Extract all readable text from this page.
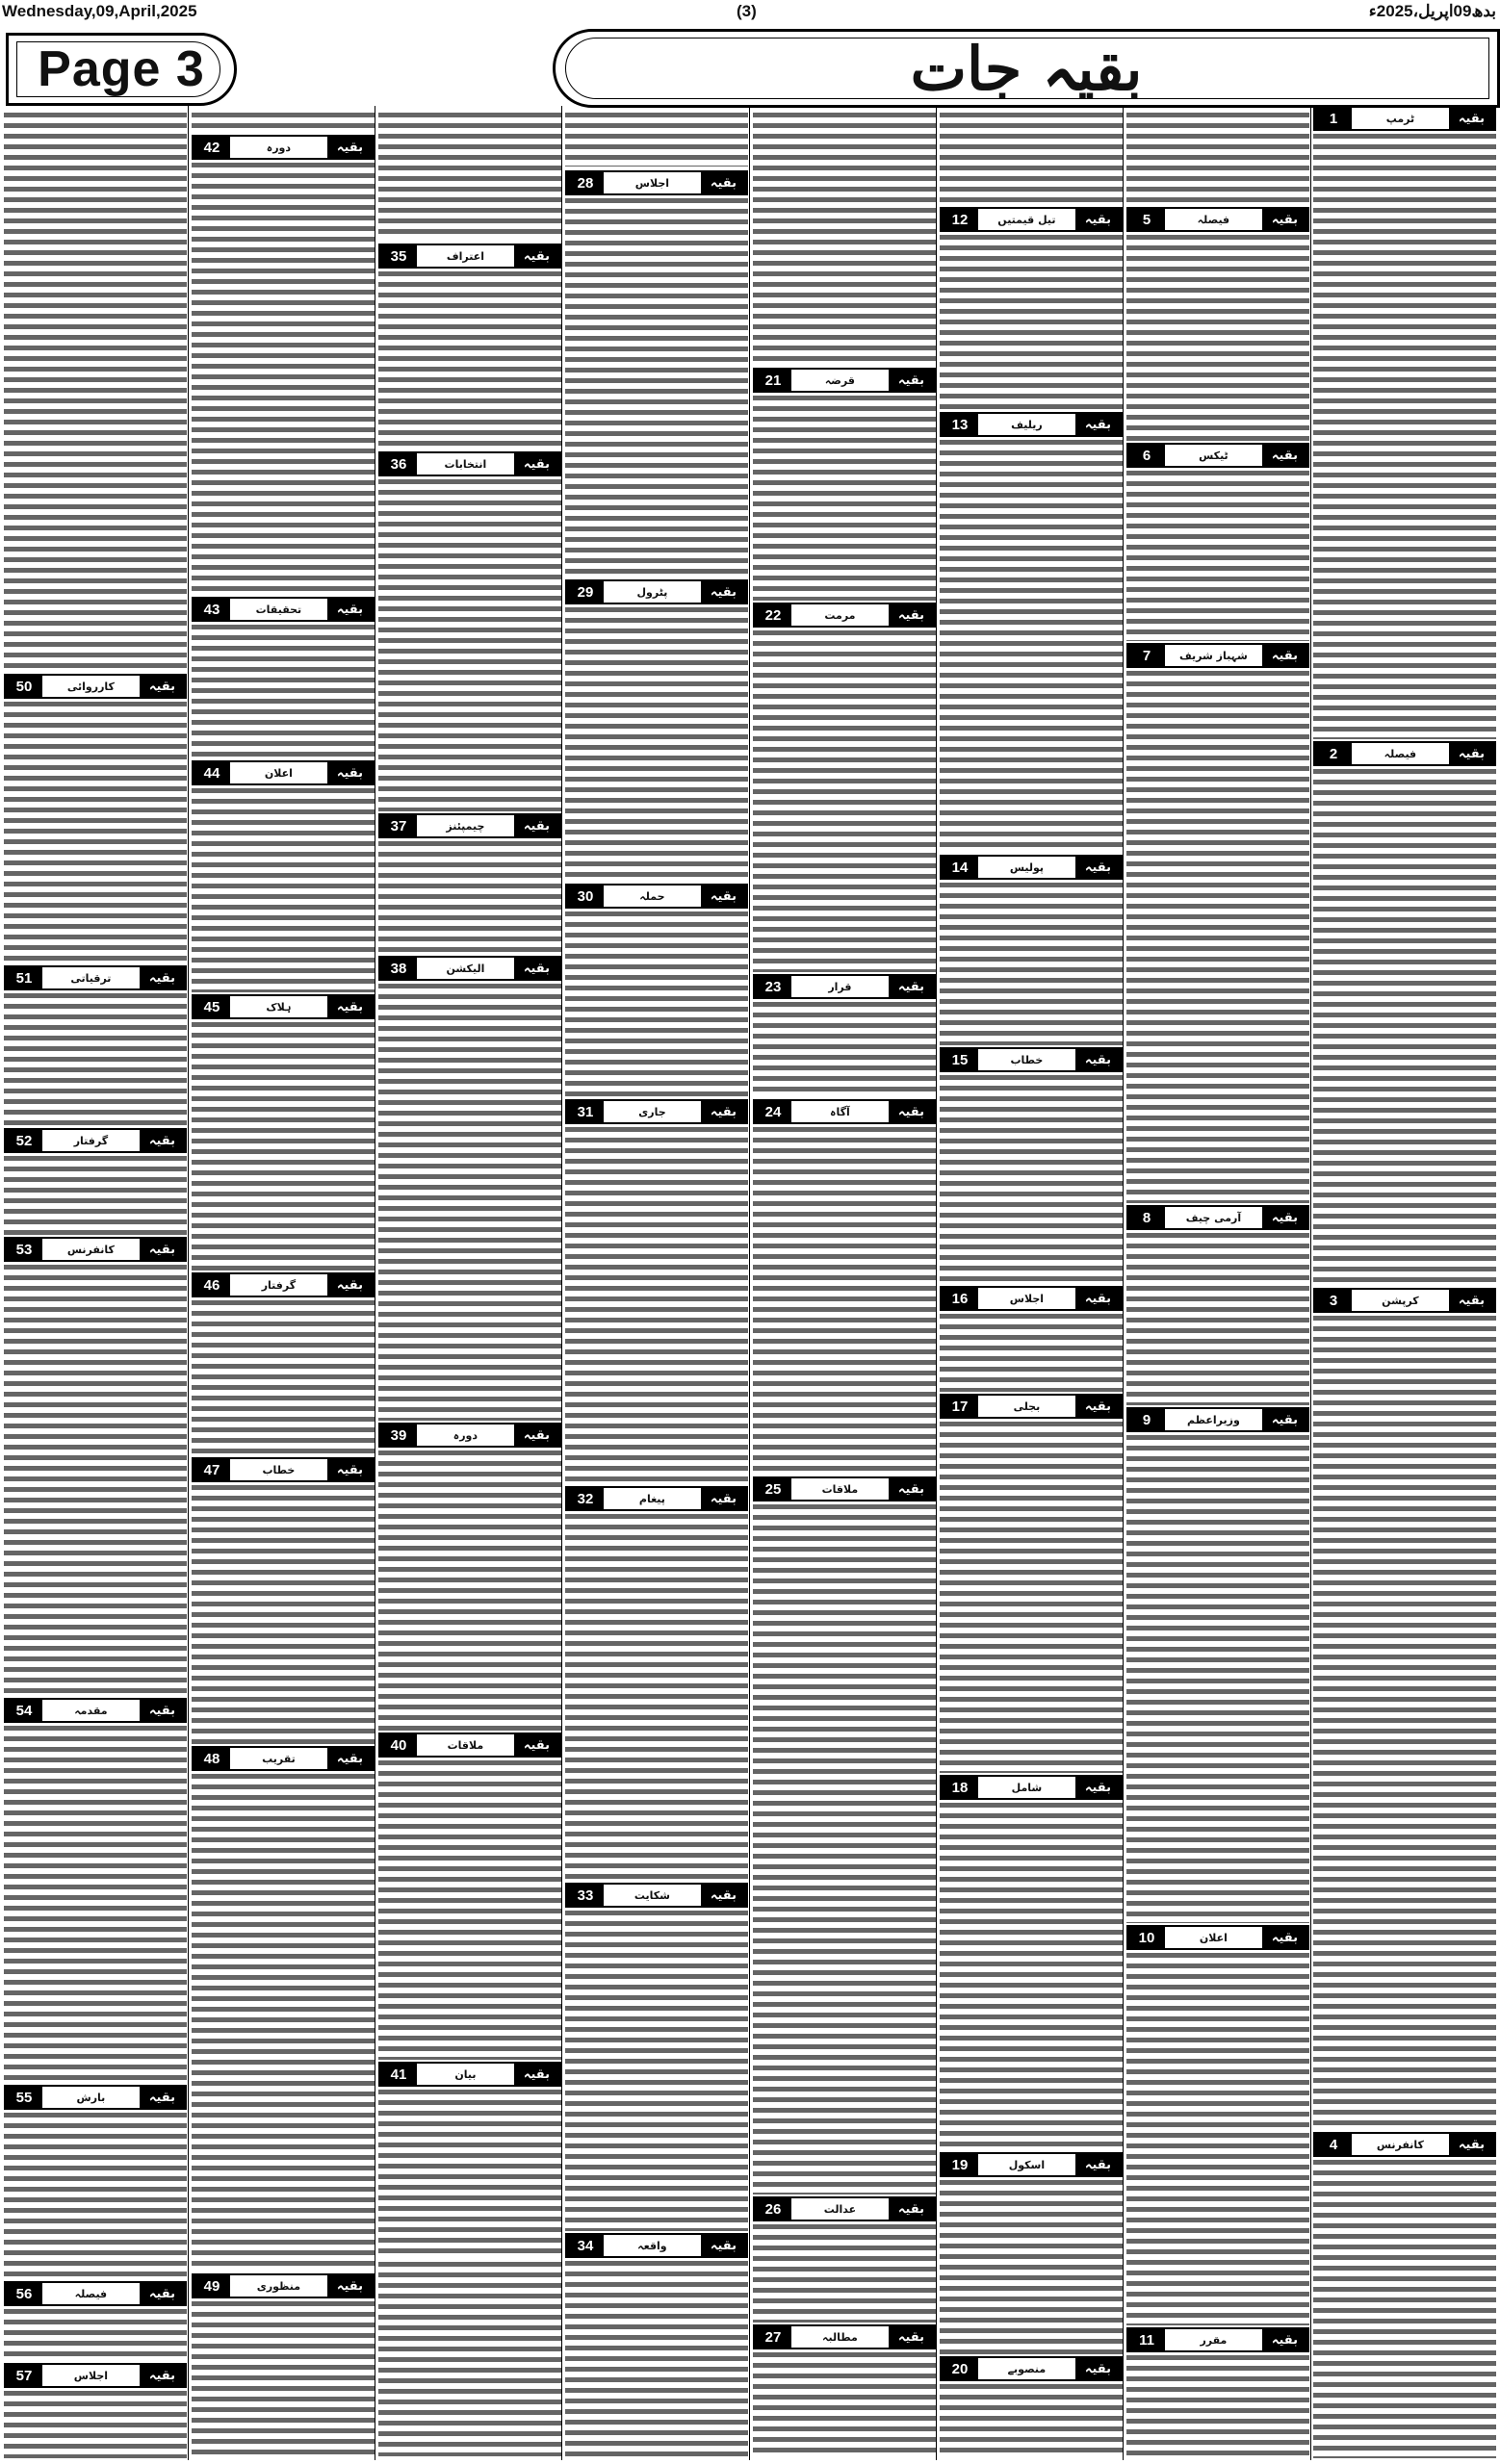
Wednesday,09,April,2025	(3)	بدھ09اپریل،2025ء
Page 3	بقیہ جات
بقیہ
ٹرمپ
1
بقیہ
فیصلہ
2
بقیہ
کرپشن
3
بقیہ
کانفرنس
4
بقیہ
فیصلہ
5
بقیہ
ٹیکس
6
بقیہ
شہباز شریف
7
بقیہ
آرمی چیف
8
بقیہ
وزیراعظم
9
بقیہ
اعلان
10
بقیہ
مقرر
11
بقیہ
تیل قیمتیں
12
بقیہ
ریلیف
13
بقیہ
پولیس
14
بقیہ
خطاب
15
بقیہ
اجلاس
16
بقیہ
بجلی
17
بقیہ
شامل
18
بقیہ
اسکول
19
بقیہ
منصوبے
20
بقیہ
قرضہ
21
بقیہ
مرمت
22
بقیہ
قرار
23
بقیہ
آگاہ
24
بقیہ
ملاقات
25
بقیہ
عدالت
26
بقیہ
مطالبہ
27
بقیہ
اجلاس
28
بقیہ
پٹرول
29
بقیہ
حملہ
30
بقیہ
جاری
31
بقیہ
پیغام
32
بقیہ
شکایت
33
بقیہ
واقعہ
34
بقیہ
اعتراف
35
بقیہ
انتخابات
36
بقیہ
چیمپئنز
37
بقیہ
الیکشن
38
بقیہ
دورہ
39
بقیہ
ملاقات
40
بقیہ
بیان
41
بقیہ
دورہ
42
بقیہ
تحقیقات
43
بقیہ
اعلان
44
بقیہ
ہلاک
45
بقیہ
گرفتار
46
بقیہ
خطاب
47
بقیہ
تقریب
48
بقیہ
منظوری
49
بقیہ
کارروائی
50
بقیہ
ترقیاتی
51
بقیہ
گرفتار
52
بقیہ
کانفرنس
53
بقیہ
مقدمہ
54
بقیہ
بارش
55
بقیہ
فیصلہ
56
بقیہ
اجلاس
57
